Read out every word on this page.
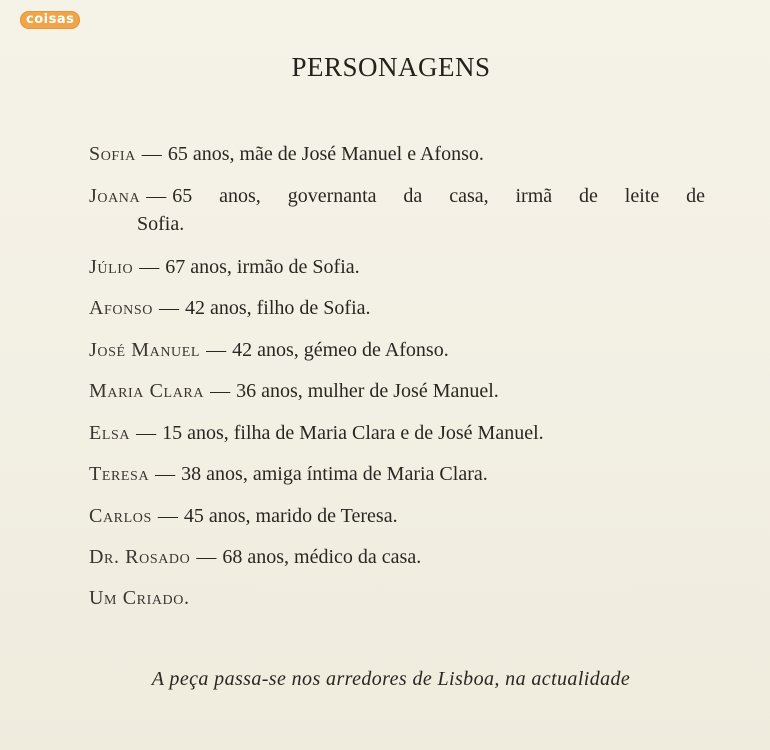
coisas
PERSONAGENS
Sofia — 65 anos, mãe de José Manuel e Afonso.
Joana — 65 anos, governanta da casa, irmã de leite de
Sofia.
Júlio — 67 anos, irmão de Sofia.
Afonso — 42 anos, filho de Sofia.
José Manuel — 42 anos, gémeo de Afonso.
Maria Clara — 36 anos, mulher de José Manuel.
Elsa — 15 anos, filha de Maria Clara e de José Manuel.
Teresa — 38 anos, amiga íntima de Maria Clara.
Carlos — 45 anos, marido de Teresa.
Dr. Rosado — 68 anos, médico da casa.
Um Criado.
A peça passa-se nos arredores de Lisboa, na actualidade
